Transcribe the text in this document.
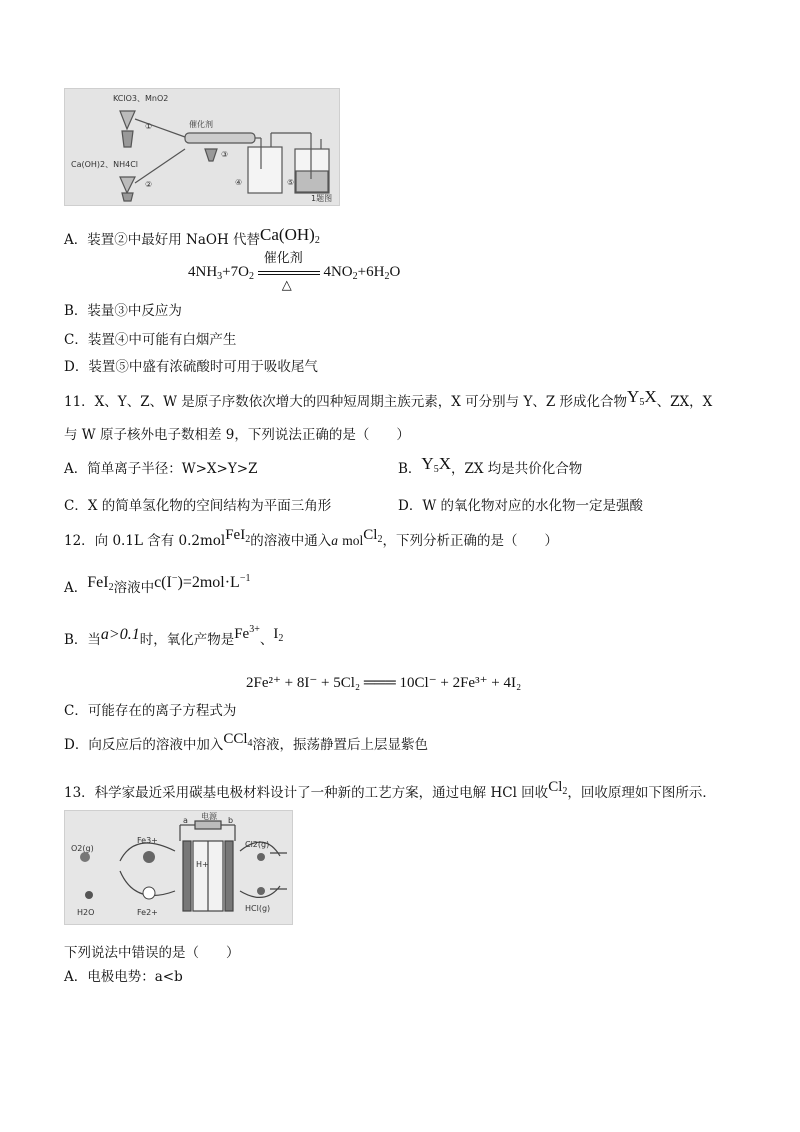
KClO3、MnO2
Ca(OH)2、NH4Cl
催化剂
①
②
③
④	⑤
1题图
A．装置②中最好用 NaOH 代替$Ca(OH)_2$
$4NH_3+7O_2$
催化剂
△
$4NO_2+6H_2O$
B．装量③中反应为
C．装置④中可能有白烟产生
D．装置⑤中盛有浓硫酸时可用于吸收尾气
11．X、Y、Z、W 是原子序数依次增大的四种短周期主族元素，X 可分别与 Y、Z 形成化合物$Y_5X$、ZX，X
与 W 原子核外电子数相差 9，下列说法正确的是（　　）
A．简单离子半径：W>X>Y>Z	B．$Y_5X$，ZX 均是共价化合物
C．X 的简单氢化物的空间结构为平面三角形	D．W 的氧化物对应的水化物一定是强酸
12．向 0.1L 含有 0.2molFeI$_2$的溶液中通入a molCl$_2$，下列分析正确的是（　　）
A．FeI$_2$溶液中$c(I^-)=2mol\cdot L^{-1}$
B．当a>0.1时，氧化产物是$Fe^{3+}$、$I_2$
2Fe²⁺ + 8I⁻ + 5Cl₂ ═══ 10Cl⁻ + 2Fe³⁺ + 4I₂
C．可能存在的离子方程式为
D．向反应后的溶液中加入CCl$_4$溶液，振荡静置后上层显紫色
13．科学家最近采用碳基电极材料设计了一种新的工艺方案，通过电解 HCl 回收$Cl_2$，回收原理如下图所示．
电源
a	b
O2(g)
H2O
Fe3+
Fe2+
H+
Cl2(g)
HCl(g)
下列说法中错误的是（　　）
A．电极电势：a<b
